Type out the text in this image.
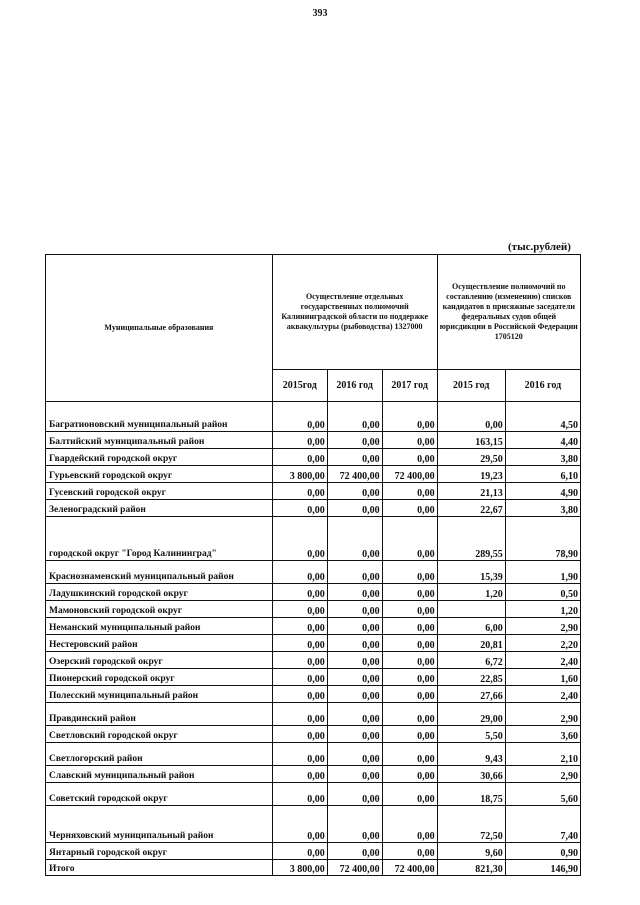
393
(тыс.рублей)
Муниципальные образования	Осуществление отдельных государственных полномочий Калининградской области по поддержке аквакультуры (рыбоводства) 1327000			Осуществление полномочий по составлению (изменению) списков кандидатов в присяжные заседатели федеральных судов общей юрисдикции в Российской Федерации 1705120	
	2015год	2016 год	2017 год	2015 год	2016 год
Багратионовский муниципальный район	0,00	0,00	0,00	0,00	4,50
Балтийский муниципальный район	0,00	0,00	0,00	163,15	4,40
Гвардейский городской округ	0,00	0,00	0,00	29,50	3,80
Гурьевский городской округ	3 800,00	72 400,00	72 400,00	19,23	6,10
Гусевский городской округ	0,00	0,00	0,00	21,13	4,90
Зеленоградский район	0,00	0,00	0,00	22,67	3,80
городской округ "Город Калининград"	0,00	0,00	0,00	289,55	78,90
Краснознаменский муниципальный район	0,00	0,00	0,00	15,39	1,90
Ладушкинский городской округ	0,00	0,00	0,00	1,20	0,50
Мамоновский городской округ	0,00	0,00	0,00		1,20
Неманский муниципальный район	0,00	0,00	0,00	6,00	2,90
Нестеровский район	0,00	0,00	0,00	20,81	2,20
Озерский городской округ	0,00	0,00	0,00	6,72	2,40
Пионерский городской округ	0,00	0,00	0,00	22,85	1,60
Полесский муниципальный район	0,00	0,00	0,00	27,66	2,40
Правдинский район	0,00	0,00	0,00	29,00	2,90
Светловский городской округ	0,00	0,00	0,00	5,50	3,60
Светлогорский район	0,00	0,00	0,00	9,43	2,10
Славский муниципальный район	0,00	0,00	0,00	30,66	2,90
Советский городской округ	0,00	0,00	0,00	18,75	5,60
Черняховский муниципальный район	0,00	0,00	0,00	72,50	7,40
Янтарный городской округ	0,00	0,00	0,00	9,60	0,90
Итого	3 800,00	72 400,00	72 400,00	821,30	146,90
